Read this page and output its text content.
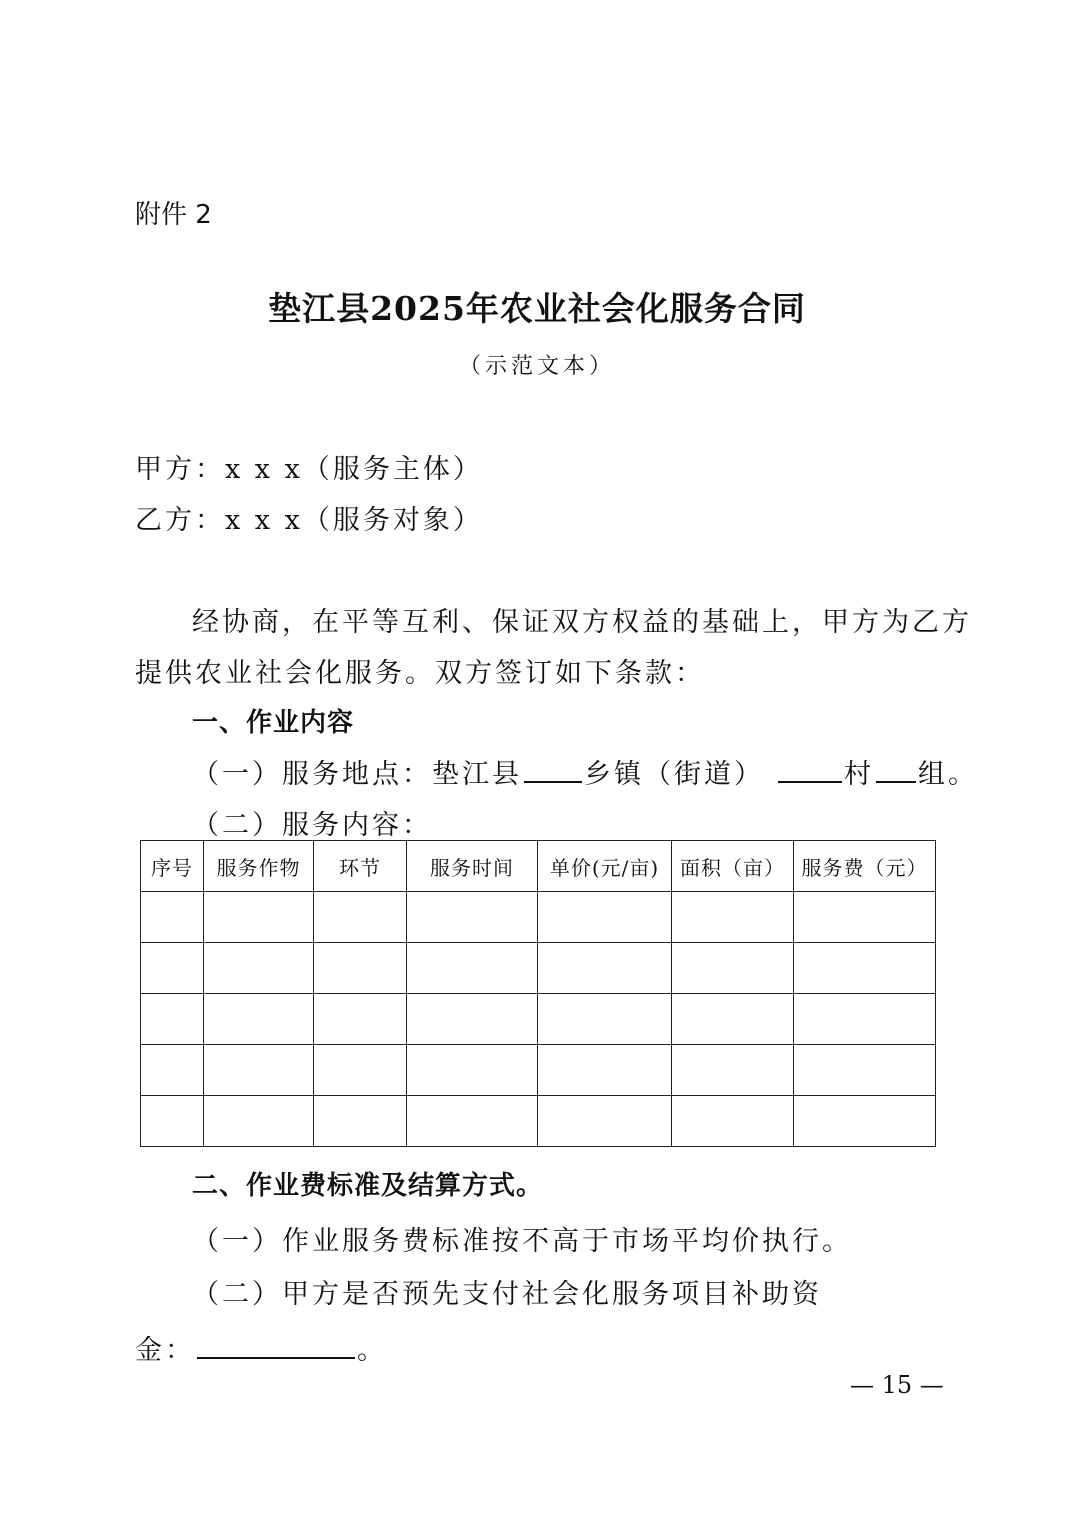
附件 2
垫江县2025年农业社会化服务合同
（示范文本）
甲方：x x x（服务主体）
乙方：x x x（服务对象）
经协商，在平等互利、保证双方权益的基础上，甲方为乙方
提供农业社会化服务。双方签订如下条款：
一、作业内容
（一）服务地点：垫江县 乡镇（街道）	村 组。
（二）服务内容：
序号	服务作物	环节	服务时间	单价(元/亩)	面积（亩）	服务费（元）

二、作业费标准及结算方式。
（一）作业服务费标准按不高于市场平均价执行。
（二）甲方是否预先支付社会化服务项目补助资
金：	。
— 15 —
